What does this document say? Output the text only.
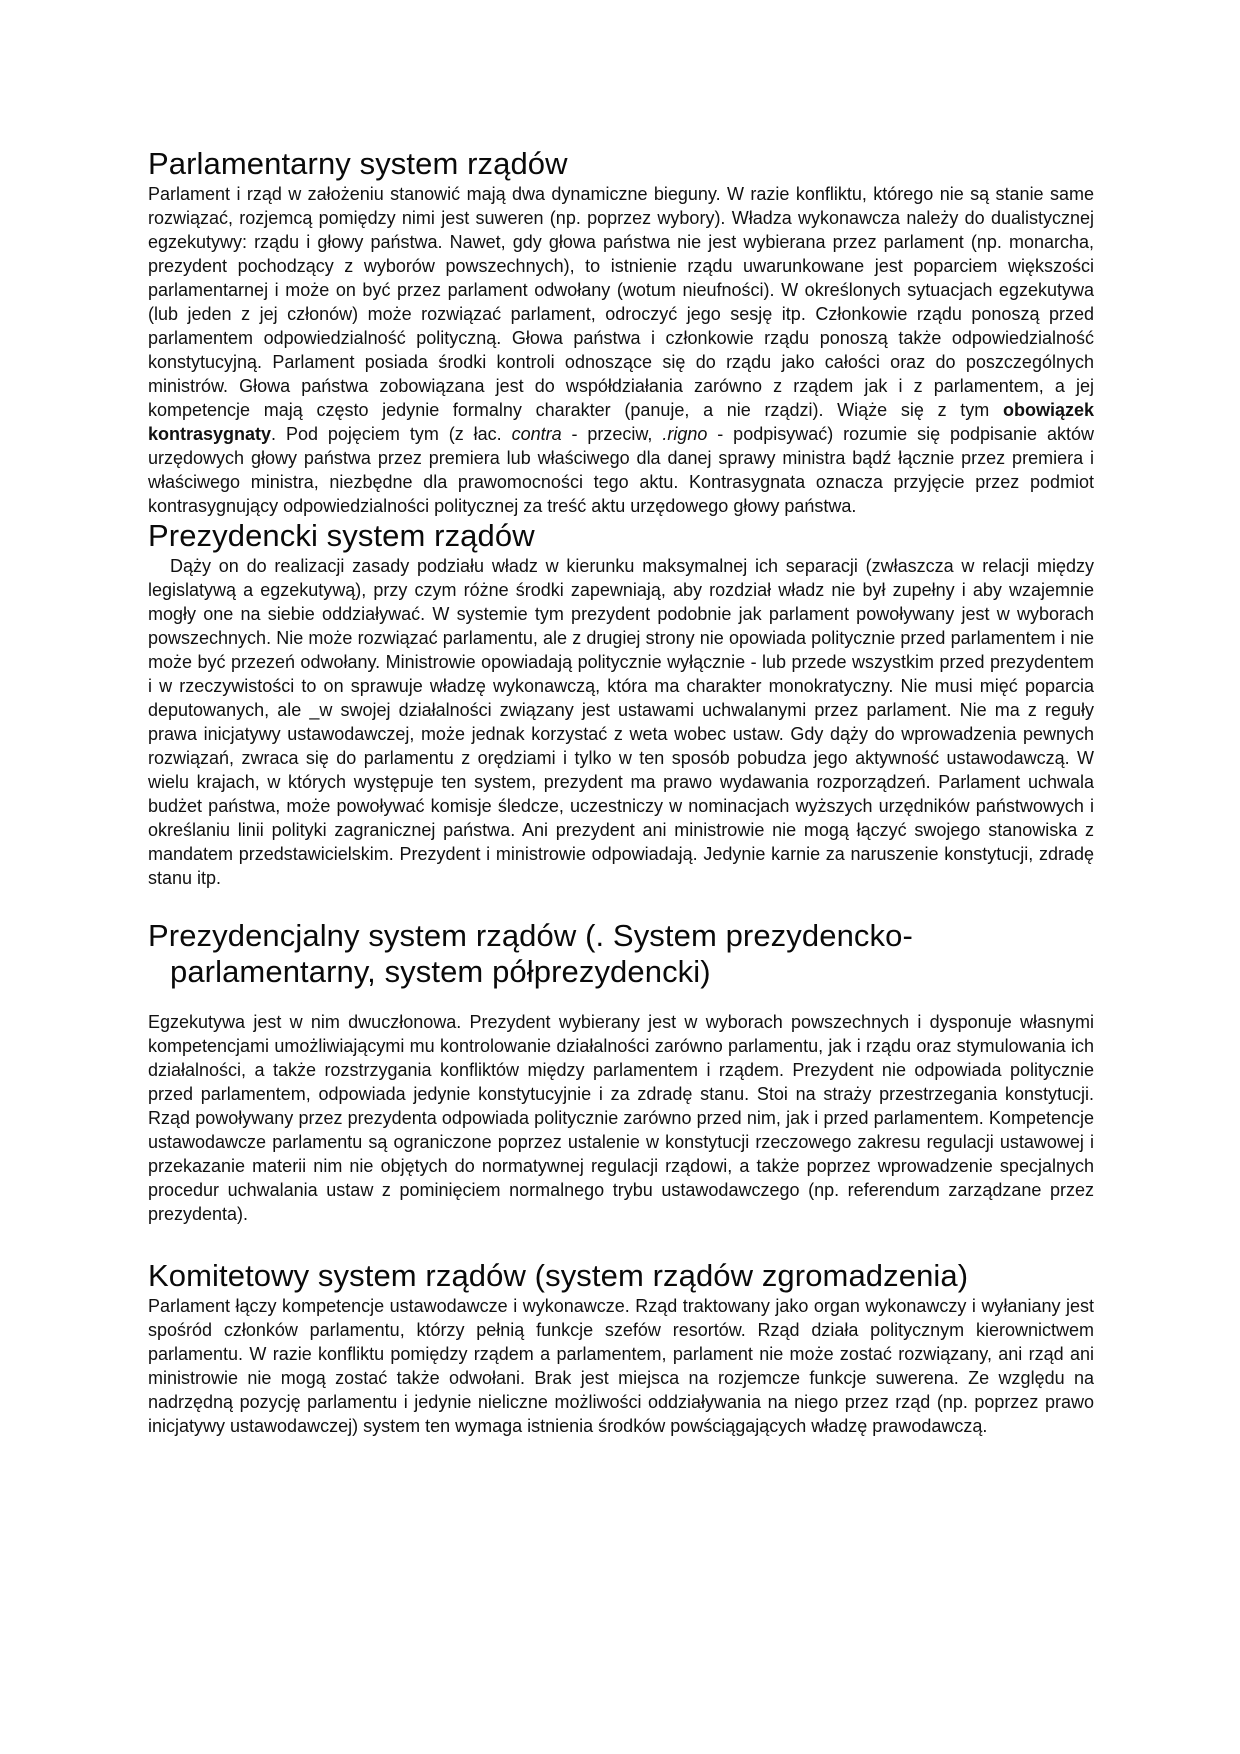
Parlamentarny system rządów

Parlament i rząd w założeniu stanowić mają dwa dynamiczne bieguny. W razie konfliktu, którego nie są stanie same rozwiązać, rozjemcą pomiędzy nimi jest suweren (np. poprzez wybory). Władza wykonawcza należy do dualistycznej egzekutywy: rządu i głowy państwa. Nawet, gdy głowa państwa nie jest wybierana przez parlament (np. monarcha, prezydent pochodzący z wyborów powszechnych), to istnienie rządu uwarunkowane jest poparciem większości parlamentarnej i może on być przez parlament odwołany (wotum nieufności). W określonych sytuacjach egzekutywa (lub jeden z jej członów) może rozwiązać parlament, odroczyć jego sesję itp. Członkowie rządu ponoszą przed parlamentem odpowiedzialność polityczną. Głowa państwa i członkowie rządu ponoszą także odpowiedzialność konstytucyjną. Parlament posiada środki kontroli odnoszące się do rządu jako całości oraz do poszczególnych ministrów. Głowa państwa zobowiązana jest do współdziałania zarówno z rządem jak i z parlamentem, a jej kompetencje mają często jedynie formalny charakter (panuje, a nie rządzi). Wiąże się z tym obowiązek kontrasygnaty. Pod pojęciem tym (z łac. contra - przeciw, .rigno - podpisywać) rozumie się podpisanie aktów urzędowych głowy państwa przez premiera lub właściwego dla danej sprawy ministra bądź łącznie przez premiera i właściwego ministra, niezbędne dla prawomocności tego aktu. Kontrasygnata oznacza przyjęcie przez podmiot kontrasygnujący odpowiedzialności politycznej za treść aktu urzędowego głowy państwa.

Prezydencki system rządów

Dąży on do realizacji zasady podziału władz w kierunku maksymalnej ich separacji (zwłaszcza w relacji między legislatywą a egzekutywą), przy czym różne środki zapewniają, aby rozdział władz nie był zupełny i aby wzajemnie mogły one na siebie oddziaływać. W systemie tym prezydent podobnie jak parlament powoływany jest w wyborach powszechnych. Nie może rozwiązać parlamentu, ale z drugiej strony nie opowiada politycznie przed parlamentem i nie może być przezeń odwołany. Ministrowie opowiadają politycznie wyłącznie - lub przede wszystkim przed prezydentem i w rzeczywistości to on sprawuje władzę wykonawczą, która ma charakter monokratyczny. Nie musi mięć poparcia deputowanych, ale _w swojej działalności związany jest ustawami uchwalanymi przez parlament. Nie ma z reguły prawa inicjatywy ustawodawczej, może jednak korzystać z weta wobec ustaw. Gdy dąży do wprowadzenia pewnych rozwiązań, zwraca się do parlamentu z orędziami i tylko w ten sposób pobudza jego aktywność ustawodawczą. W wielu krajach, w których występuje ten system, prezydent ma prawo wydawania rozporządzeń. Parlament uchwala budżet państwa, może powoływać komisje śledcze, uczestniczy w nominacjach wyższych urzędników państwowych i określaniu linii polityki zagranicznej państwa. Ani prezydent ani ministrowie nie mogą łączyć swojego stanowiska z mandatem przedstawicielskim. Prezydent i ministrowie odpowiadają. Jedynie karnie za naruszenie konstytucji, zdradę stanu itp.

Prezydencjalny system rządów (. System prezydencko-parlamentarny, system półprezydencki)

Egzekutywa jest w nim dwuczłonowa. Prezydent wybierany jest w wyborach powszechnych i dysponuje własnymi kompetencjami umożliwiającymi mu kontrolowanie działalności zarówno parlamentu, jak i rządu oraz stymulowania ich działalności, a także rozstrzygania konfliktów między parlamentem i rządem. Prezydent nie odpowiada politycznie przed parlamentem, odpowiada jedynie konstytucyjnie i za zdradę stanu. Stoi na straży przestrzegania konstytucji. Rząd powoływany przez prezydenta odpowiada politycznie zarówno przed nim, jak i przed parlamentem. Kompetencje ustawodawcze parlamentu są ograniczone poprzez ustalenie w konstytucji rzeczowego zakresu regulacji ustawowej i przekazanie materii nim nie objętych do normatywnej regulacji rządowi, a także poprzez wprowadzenie specjalnych procedur uchwalania ustaw z pominięciem normalnego trybu ustawodawczego (np. referendum zarządzane przez prezydenta).

Komitetowy system rządów (system rządów zgromadzenia)

Parlament łączy kompetencje ustawodawcze i wykonawcze. Rząd traktowany jako organ wykonawczy i wyłaniany jest spośród członków parlamentu, którzy pełnią funkcje szefów resortów. Rząd działa politycznym kierownictwem parlamentu. W razie konfliktu pomiędzy rządem a parlamentem, parlament nie może zostać rozwiązany, ani rząd ani ministrowie nie mogą zostać także odwołani. Brak jest miejsca na rozjemcze funkcje suwerena. Ze względu na nadrzędną pozycję parlamentu i jedynie nieliczne możliwości oddziaływania na niego przez rząd (np. poprzez prawo inicjatywy ustawodawczej) system ten wymaga istnienia środków powściągających władzę prawodawczą.
